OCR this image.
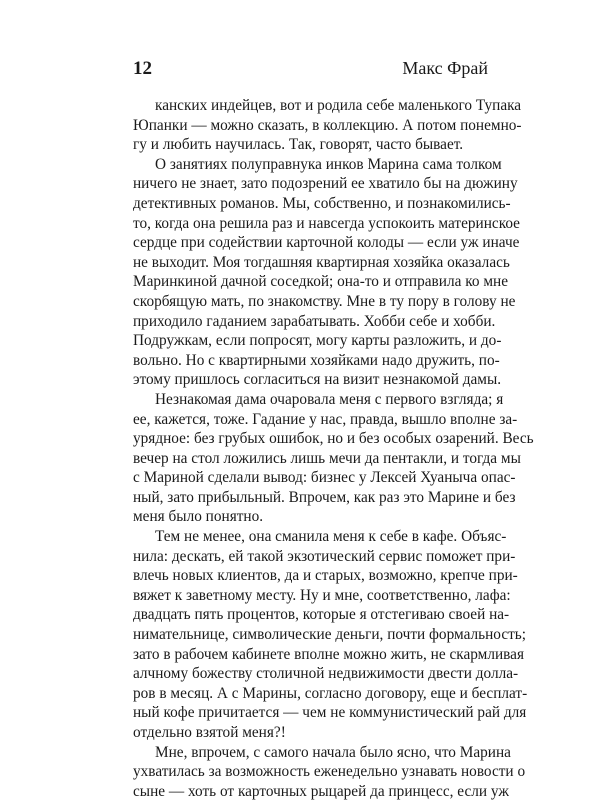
12	Макс Фрай

канских индейцев, вот и родила себе маленького Тупака
Юпанки — можно сказать, в коллекцию. А потом понемно-
гу и любить научилась. Так, говорят, часто бывает.

О занятиях полуправнука инков Марина сама толком
ничего не знает, зато подозрений ее хватило бы на дюжину
детективных романов. Мы, собственно, и познакомились-
то, когда она решила раз и навсегда успокоить материнское
сердце при содействии карточной колоды — если уж иначе
не выходит. Моя тогдашняя квартирная хозяйка оказалась
Маринкиной дачной соседкой; она-то и отправила ко мне
скорбящую мать, по знакомству. Мне в ту пору в голову не
приходило гаданием зарабатывать. Хобби себе и хобби.
Подружкам, если попросят, могу карты разложить, и до-
вольно. Но с квартирными хозяйками надо дружить, по-
этому пришлось согласиться на визит незнакомой дамы.

Незнакомая дама очаровала меня с первого взгляда; я
ее, кажется, тоже. Гадание у нас, правда, вышло вполне за-
урядное: без грубых ошибок, но и без особых озарений. Весь
вечер на стол ложились лишь мечи да пентакли, и тогда мы
с Мариной сделали вывод: бизнес у Лексей Хуаныча опас-
ный, зато прибыльный. Впрочем, как раз это Марине и без
меня было понятно.

Тем не менее, она сманила меня к себе в кафе. Объяс-
нила: дескать, ей такой экзотический сервис поможет при-
влечь новых клиентов, да и старых, возможно, крепче при-
вяжет к заветному месту. Ну и мне, соответственно, лафа:
двадцать пять процентов, которые я отстегиваю своей на-
нимательнице, символические деньги, почти формальность;
зато в рабочем кабинете вполне можно жить, не скармливая
алчному божеству столичной недвижимости двести долла-
ров в месяц. А с Марины, согласно договору, еще и бесплат-
ный кофе причитается — чем не коммунистический рай для
отдельно взятой меня?!

Мне, впрочем, с самого начала было ясно, что Марина
ухватилась за возможность еженедельно узнавать новости о
сыне — хоть от карточных рыцарей да принцесс, если уж
